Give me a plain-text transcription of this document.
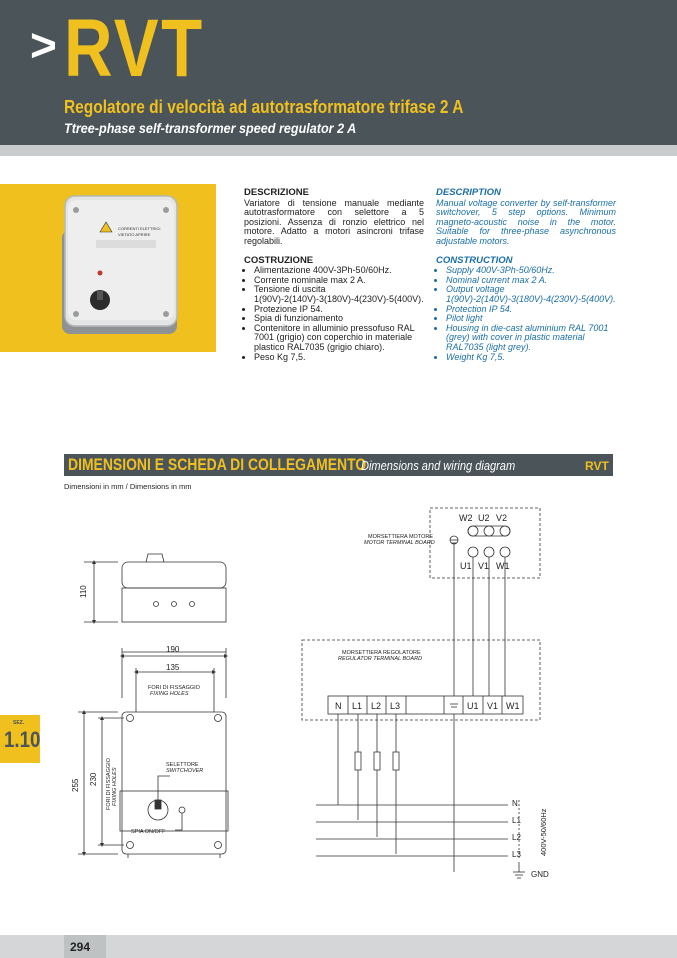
> RVT
Regolatore di velocità ad autotrasformatore trifase 2 A
Ttree-phase self-transformer speed regulator 2 A
CORRENTI ELETTRICI
VIETATO APRIRE
DESCRIZIONE

Variatore di tensione manuale mediante autotrasformatore con selettore a 5 posizioni. Assenza di ronzio elettrico nel motore. Adatto a motori asincroni trifase regolabili.

COSTRUZIONE
• Alimentazione 400V-3Ph-50/60Hz.
• Corrente nominale max 2 A.
• Tensione di uscita 1(90V)-2(140V)-3(180V)-4(230V)-5(400V).
• Protezione IP 54.
• Spia di funzionamento
• Contenitore in alluminio pressofuso RAL 7001 (grigio) con coperchio in materiale plastico RAL7035 (grigio chiaro).
• Peso Kg 7,5.
DESCRIPTION

Manual voltage converter by self-transformer switchover, 5 step options. Minimum magneto-acoustic noise in the motor. Suitable for three-phase asynchronous adjustable motors.

CONSTRUCTION
• Supply 400V-3Ph-50/60Hz.
• Nominal current max 2 A.
• Output voltage 1(90V)-2(140V)-3(180V)-4(230V)-5(400V).
• Protection IP 54.
• Pilot light
• Housing in die-cast aluminium RAL 7001 (grey) with cover in plastic material RAL7035 (light grey).
• Weight Kg 7,5.
DIMENSIONI E SCHEDA DI COLLEGAMENTO
Dimensions and wiring diagram	RVT
Dimensioni in mm / Dimensions in mm
110
190
135
255 230
FORI DI FISSAGGIO
FIXING HOLES
FORI DI FISSAGGIO FIXING HOLES
SELETTORE
SWITCHOVER
SPIA ON/OFF
MORSETTIERA MOTORE
MOTOR TERMINAL BOARD
MORSETTIERA REGOLATORE
REGULATOR TERMINAL BOARD
W2 U2 V2
U1 V1 W1
N L1 L2 L3	U1 V1 W1
N
L1
L2
L3
GND
400V-50/60Hz
SEZ.
1.10
294
